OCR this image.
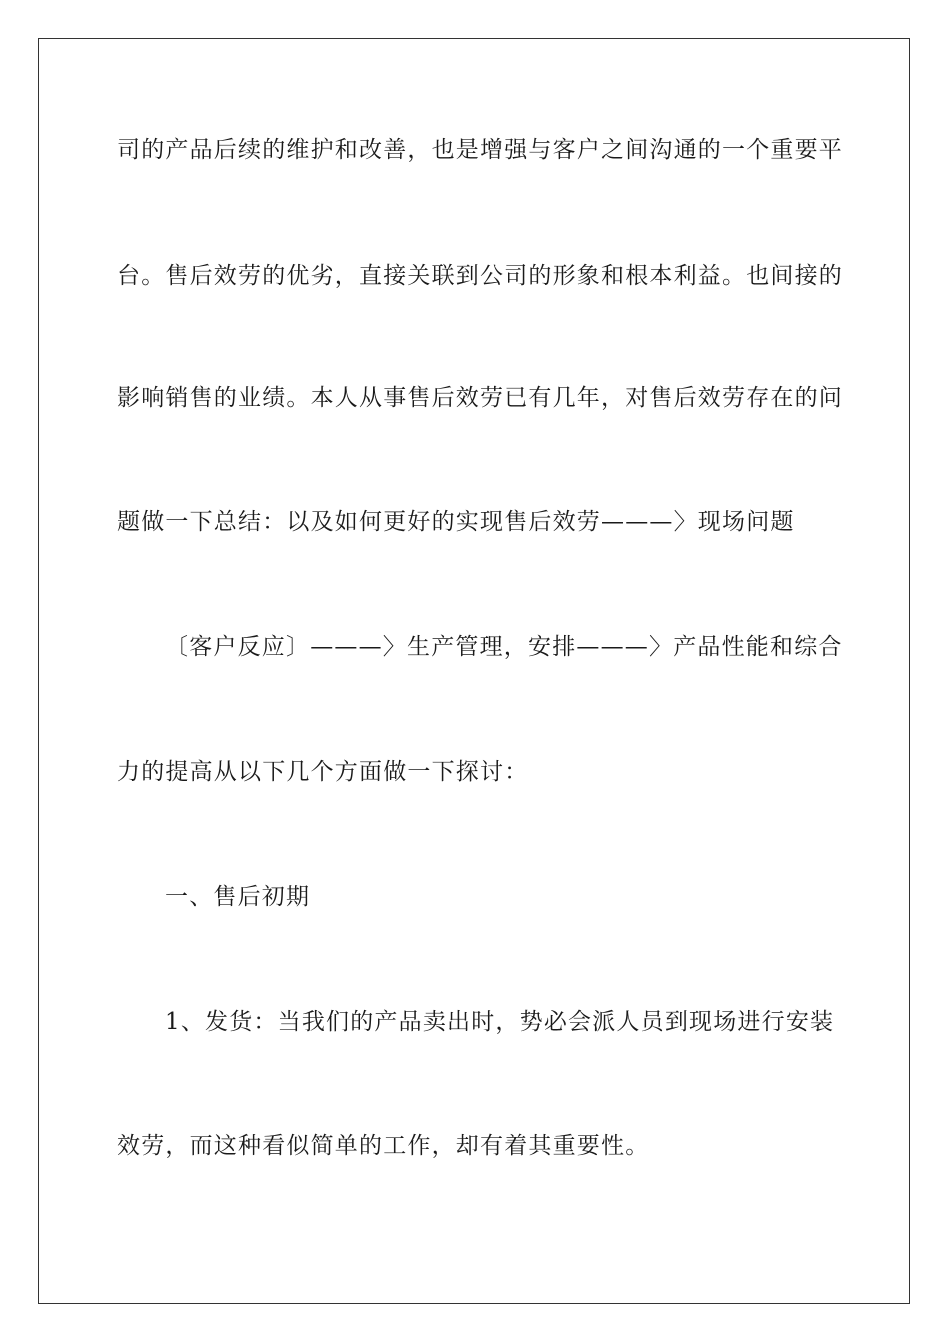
司的产品后续的维护和改善，也是增强与客户之间沟通的一个重要平
台。售后效劳的优劣，直接关联到公司的形象和根本利益。也间接的
影响销售的业绩。本人从事售后效劳已有几年，对售后效劳存在的问
题做一下总结：以及如何更好的实现售后效劳———〉现场问题
〔客户反应〕———〉生产管理，安排———〉产品性能和综合
力的提高从以下几个方面做一下探讨：
一、售后初期
1、发货：当我们的产品卖出时，势必会派人员到现场进行安装
效劳，而这种看似简单的工作，却有着其重要性。
